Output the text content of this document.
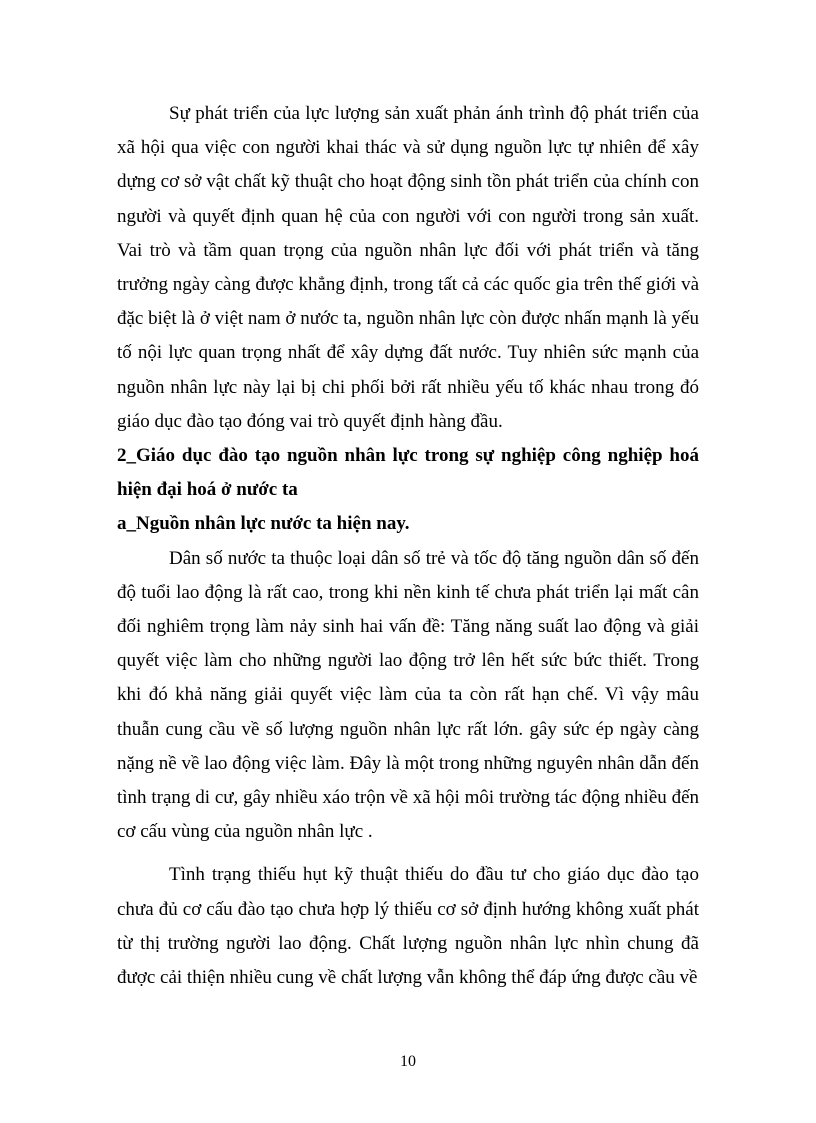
Sự phát triển của lực lượng sản xuất phản ánh trình độ phát triển của xã hội qua việc con người khai thác và sử dụng nguồn lực tự nhiên để xây dựng cơ sở vật chất kỹ thuật cho hoạt động sinh tồn phát triển của chính con người và quyết định quan hệ của con người với con người trong sản xuất. Vai trò và tầm quan trọng của nguồn nhân lực đối với phát triển và tăng trưởng ngày càng được khẳng định, trong tất cả các quốc gia trên thế giới và đặc biệt là ở việt nam ở nước ta, nguồn nhân lực còn được nhấn mạnh là yếu tố nội lực quan trọng nhất để xây dựng đất nước. Tuy nhiên sức mạnh của nguồn nhân lực này lại bị chi phối bởi rất nhiều yếu tố khác nhau trong đó giáo dục đào tạo đóng vai trò quyết định hàng đầu.

2_Giáo dục đào tạo nguồn nhân lực trong sự nghiệp công nghiệp hoá hiện đại hoá ở nước ta

a_Nguồn nhân lực nước ta hiện nay.

Dân số nước ta thuộc loại dân số trẻ và tốc độ tăng nguồn dân số đến độ tuổi lao động là rất cao, trong khi nền kinh tế chưa phát triển lại mất cân đối nghiêm trọng làm nảy sinh hai vấn đề: Tăng năng suất lao động và giải quyết việc làm cho những người lao động trở lên hết sức bức thiết. Trong khi đó khả năng giải quyết việc làm của ta còn rất hạn chế. Vì vậy mâu thuẫn cung cầu về số lượng nguồn nhân lực rất lớn. gây sức ép ngày càng nặng nề về lao động việc làm. Đây là một trong những nguyên nhân dẫn đến tình trạng di cư, gây nhiều xáo trộn về xã hội môi trường tác động nhiều đến cơ cấu vùng của nguồn nhân lực .

Tình trạng thiếu hụt kỹ thuật thiếu do đầu tư cho giáo dục đào tạo chưa đủ cơ cấu đào tạo chưa hợp lý thiếu cơ sở định hướng không xuất phát từ thị trường người lao động. Chất lượng nguồn nhân lực nhìn chung đã được cải thiện nhiều cung về chất lượng vẫn không thể đáp ứng được cầu về

10
